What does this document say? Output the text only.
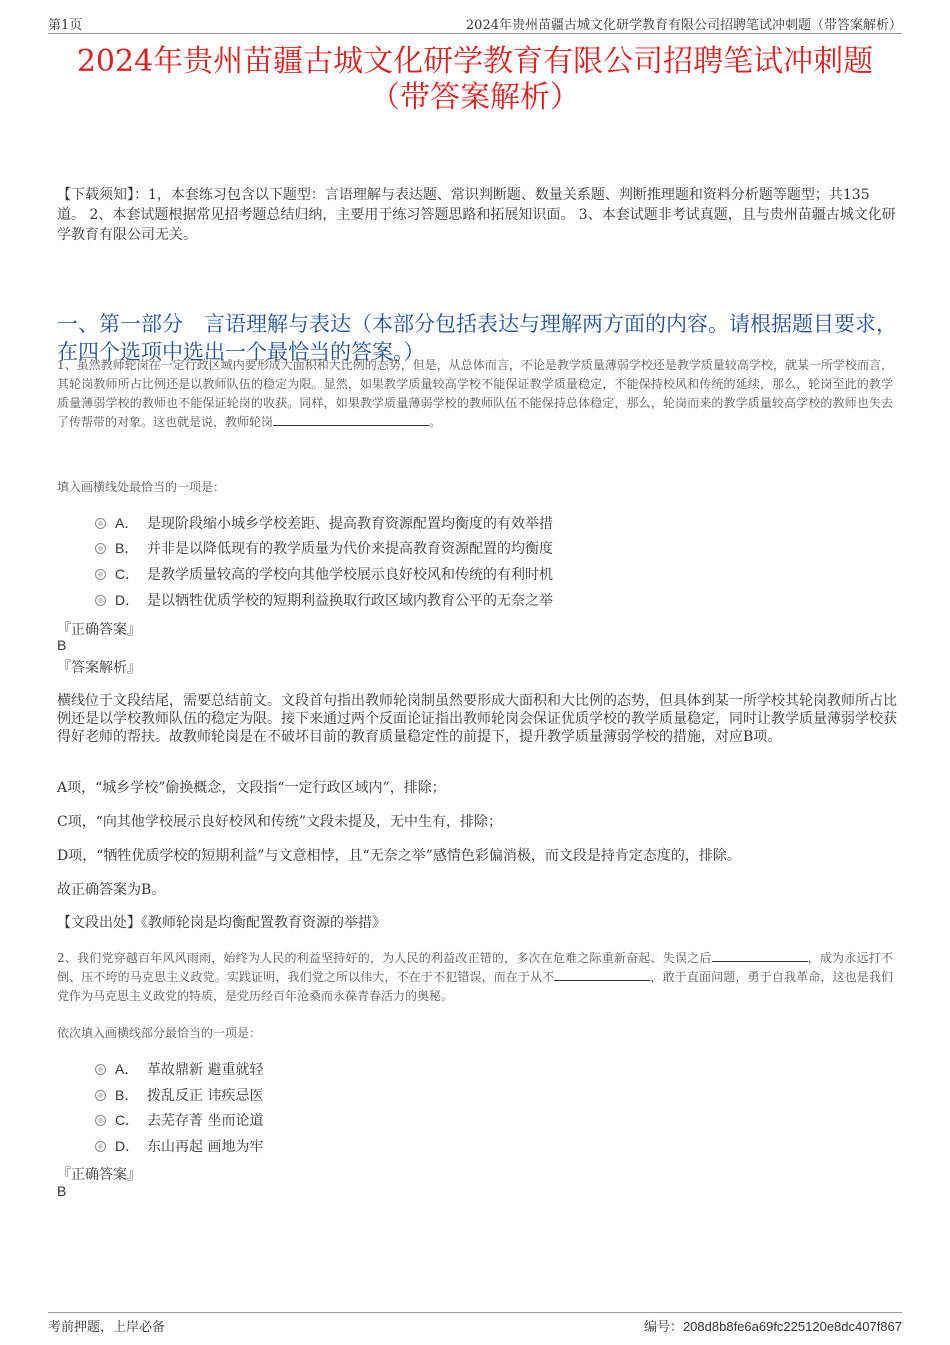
第1页	2024年贵州苗疆古城文化研学教育有限公司招聘笔试冲刺题（带答案解析）
2024年贵州苗疆古城文化研学教育有限公司招聘笔试冲刺题
（带答案解析）
【下载须知】：1，本套练习包含以下题型：言语理解与表达题、常识判断题、数量关系题、判断推理题和资料分析题等题型；共135道。 2、本套试题根据常见招考题总结归纳，主要用于练习答题思路和拓展知识面。 3、本套试题非考试真题，且与贵州苗疆古城文化研学教育有限公司无关。
一、第一部分　言语理解与表达（本部分包括表达与理解两方面的内容。请根据题目要求，在四个选项中选出一个最恰当的答案。）
1、虽然教师轮岗在一定行政区域内要形成大面积和大比例的态势，但是，从总体而言，不论是教学质量薄弱学校还是教学质量较高学校，就某一所学校而言，其轮岗教师所占比例还是以教师队伍的稳定为限。显然，如果教学质量较高学校不能保证教学质量稳定，不能保持校风和传统的延续，那么，轮岗至此的教学质量薄弱学校的教师也不能保证轮岗的收获。同样，如果教学质量薄弱学校的教师队伍不能保持总体稳定，那么，轮岗而来的教学质量较高学校的教师也失去了传帮带的对象。这也就是说，教师轮岗	。
填入画横线处最恰当的一项是：
A． 是现阶段缩小城乡学校差距、提高教育资源配置均衡度的有效举措
B． 并非是以降低现有的教学质量为代价来提高教育资源配置的均衡度
C． 是教学质量较高的学校向其他学校展示良好校风和传统的有利时机
D． 是以牺牲优质学校的短期利益换取行政区域内教育公平的无奈之举
『正确答案』
B
『答案解析』
横线位于文段结尾，需要总结前文。文段首句指出教师轮岗制虽然要形成大面积和大比例的态势，但具体到某一所学校其轮岗教师所占比例还是以学校教师队伍的稳定为限。接下来通过两个反面论证指出教师轮岗会保证优质学校的教学质量稳定，同时让教学质量薄弱学校获得好老师的帮扶。故教师轮岗是在不破坏目前的教育质量稳定性的前提下，提升教学质量薄弱学校的措施，对应B项。
A项，“城乡学校”偷换概念，文段指“一定行政区域内”，排除；
C项，“向其他学校展示良好校风和传统”文段未提及，无中生有，排除；
D项，“牺牲优质学校的短期利益”与文意相悖，且“无奈之举”感情色彩偏消极，而文段是持肯定态度的，排除。
故正确答案为B。
【文段出处】《教师轮岗是均衡配置教育资源的举措》
2、我们党穿越百年风风雨雨，始终为人民的利益坚持好的，为人民的利益改正错的，多次在危难之际重新奋起、失误之后	，成为永远打不倒、压不垮的马克思主义政党。实践证明，我们党之所以伟大，不在于不犯错误，而在于从不	，敢于直面问题，勇于自我革命，这也是我们党作为马克思主义政党的特质，是党历经百年沧桑而永葆青春活力的奥秘。
依次填入画横线部分最恰当的一项是：
A． 革故鼎新 避重就轻
B． 拨乱反正 讳疾忌医
C． 去芜存菁 坐而论道
D． 东山再起 画地为牢
『正确答案』
B
考前押题，上岸必备	编号：208d8b8fe6a69fc225120e8dc407f867
